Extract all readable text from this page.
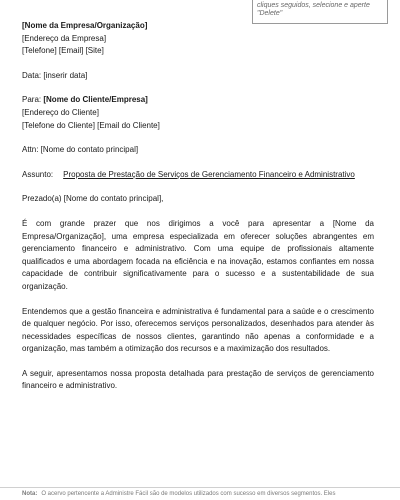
cliques seguidos, selecione e aperte "Delete"
[Nome da Empresa/Organização]
[Endereço da Empresa]
[Telefone] [Email] [Site]
Data: [inserir data]
Para: [Nome do Cliente/Empresa]
[Endereço do Cliente]
[Telefone do Cliente] [Email do Cliente]
Attn: [Nome do contato principal]
Assunto: Proposta de Prestação de Serviços de Gerenciamento Financeiro e Administrativo
Prezado(a) [Nome do contato principal],
É com grande prazer que nos dirigimos a você para apresentar a [Nome da Empresa/Organização], uma empresa especializada em oferecer soluções abrangentes em gerenciamento financeiro e administrativo. Com uma equipe de profissionais altamente qualificados e uma abordagem focada na eficiência e na inovação, estamos confiantes em nossa capacidade de contribuir significativamente para o sucesso e a sustentabilidade de sua organização.
Entendemos que a gestão financeira e administrativa é fundamental para a saúde e o crescimento de qualquer negócio. Por isso, oferecemos serviços personalizados, desenhados para atender às necessidades específicas de nossos clientes, garantindo não apenas a conformidade e a organização, mas também a otimização dos recursos e a maximização dos resultados.
A seguir, apresentamos nossa proposta detalhada para prestação de serviços de gerenciamento financeiro e administrativo.
Nota: O acervo pertencente a Administre Fácil são de modelos utilizados com sucesso em diversos segmentos. Eles
